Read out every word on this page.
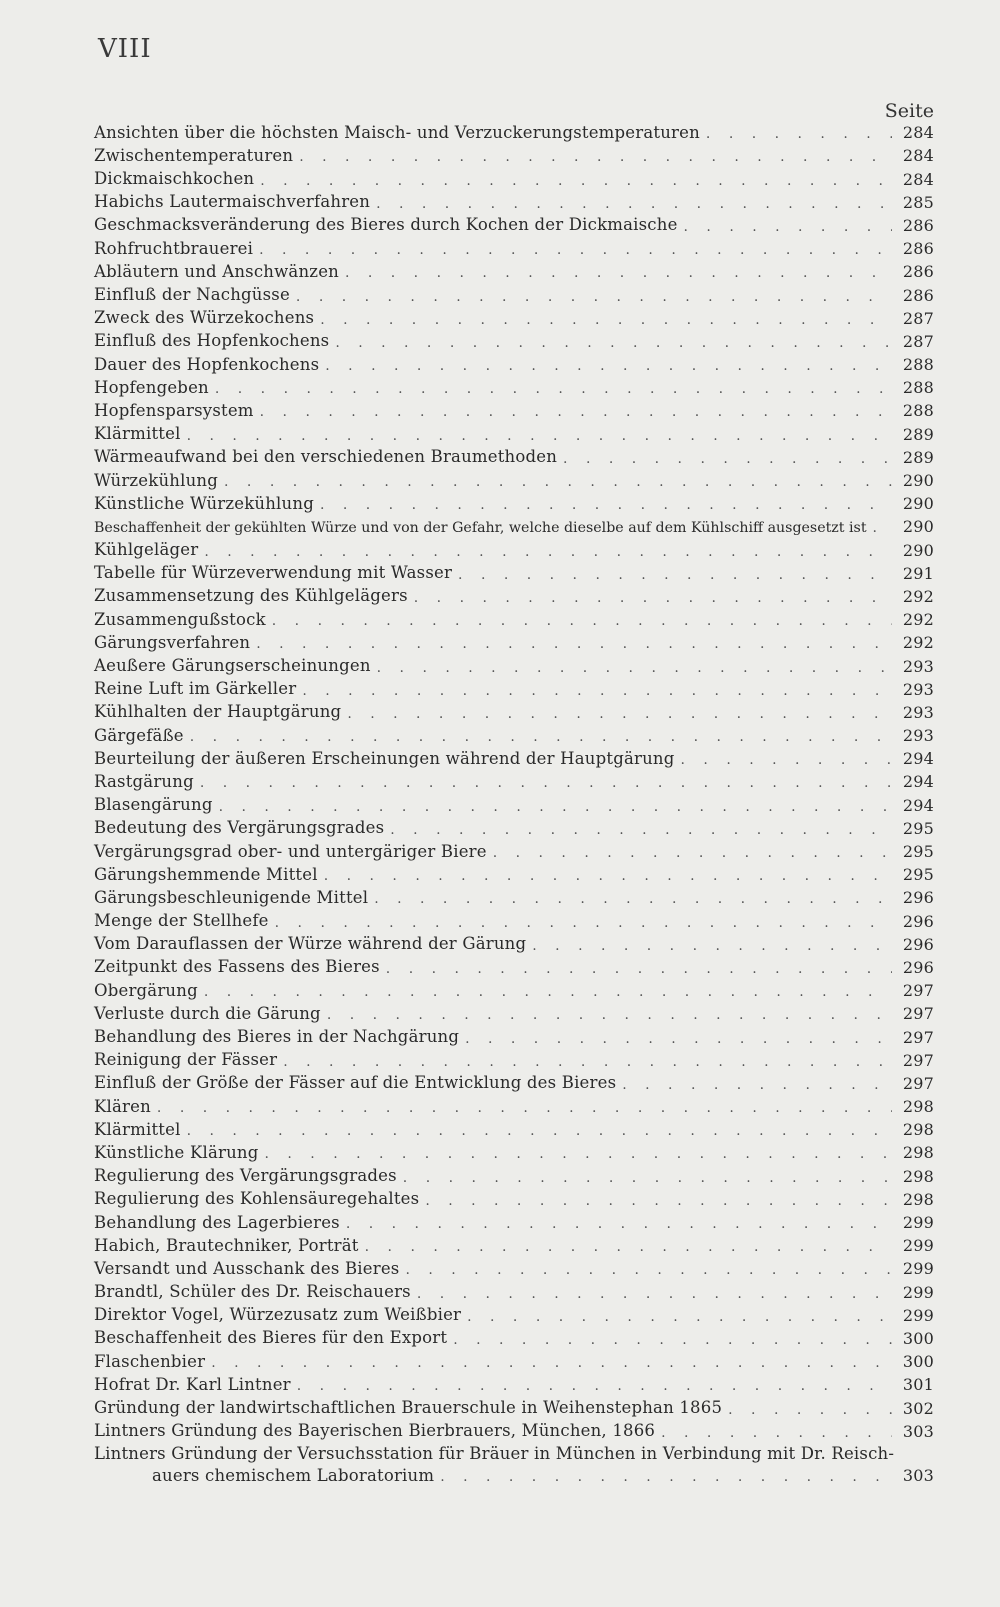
VIII
Seite
Ansichten über die höchsten Maisch- und Verzuckerungstemperaturen . . .	284
Zwischentemperaturen . . .	284
Dickmaischkochen . . .	284
Habichs Lautermaischverfahren . . .	285
Geschmacksveränderung des Bieres durch Kochen der Dickmaische . . .	286
Rohfruchtbrauerei . . .	286
Abläutern und Anschwänzen . . .	286
Einfluß der Nachgüsse . . .	286
Zweck des Würzekochens . . .	287
Einfluß des Hopfenkochens . . .	287
Dauer des Hopfenkochens . . .	288
Hopfengeben . . .	288
Hopfensparsystem . . .	288
Klärmittel . . .	289
Wärmeaufwand bei den verschiedenen Braumethoden . . .	289
Würzekühlung . . .	290
Künstliche Würzekühlung . . .	290
Beschaffenheit der gekühlten Würze und von der Gefahr, welche dieselbe auf dem Kühlschiff ausgesetzt ist . . . 290
Kühlgeläger . . .	290
Tabelle für Würzeverwendung mit Wasser . . .	291
Zusammensetzung des Kühlgelägers . . .	292
Zusammengußstock . . .	292
Gärungsverfahren . . .	292
Aeußere Gärungserscheinungen . . .	293
Reine Luft im Gärkeller . . .	293
Kühlhalten der Hauptgärung . . .	293
Gärgefäße . . .	293
Beurteilung der äußeren Erscheinungen während der Hauptgärung . . .	294
Rastgärung . . .	294
Blasengärung . . .	294
Bedeutung des Vergärungsgrades . . .	295
Vergärungsgrad ober- und untergäriger Biere . . .	295
Gärungshemmende Mittel . . .	295
Gärungsbeschleunigende Mittel . . .	296
Menge der Stellhefe . . .	296
Vom Darauflassen der Würze während der Gärung . . .	296
Zeitpunkt des Fassens des Bieres . . .	296
Obergärung . . .	297
Verluste durch die Gärung . . .	297
Behandlung des Bieres in der Nachgärung . . .	297
Reinigung der Fässer . . .	297
Einfluß der Größe der Fässer auf die Entwicklung des Bieres . . .	297
Klären . . .	298
Klärmittel . . .	298
Künstliche Klärung . . .	298
Regulierung des Vergärungsgrades . . .	298
Regulierung des Kohlensäuregehaltes . . .	298
Behandlung des Lagerbieres . . .	299
Habich, Brautechniker, Porträt . . .	299
Versandt und Ausschank des Bieres . . .	299
Brandtl, Schüler des Dr. Reischauers . . .	299
Direktor Vogel, Würzezusatz zum Weißbier . . .	299
Beschaffenheit des Bieres für den Export . . .	300
Flaschenbier . . .	300
Hofrat Dr. Karl Lintner . . .	301
Gründung der landwirtschaftlichen Brauerschule in Weihenstephan 1865 . . .	302
Lintners Gründung des Bayerischen Bierbrauers, München, 1866 . . .	303
Lintners Gründung der Versuchsstation für Bräuer in München in Verbindung mit Dr. Reisch-
auers chemischem Laboratorium . . .	303
